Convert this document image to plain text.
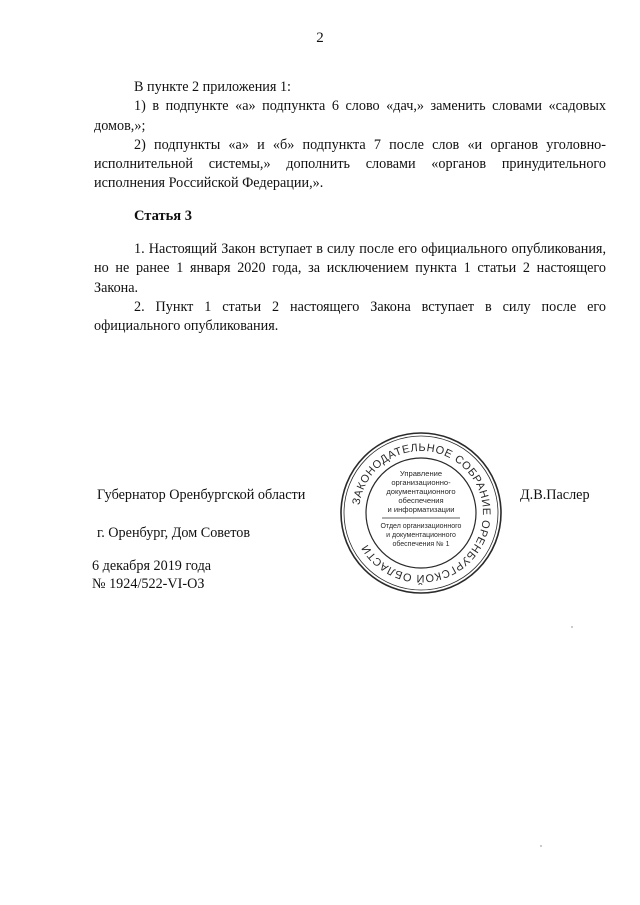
2

В пункте 2 приложения 1:

1) в подпункте «а» подпункта 6 слово «дач,» заменить словами «садовых домов,»;

2) подпункты «а» и «б» подпункта 7 после слов «и органов уголовно-исполнительной системы,» дополнить словами «органов принудительного исполнения Российской Федерации,».

Статья 3

1. Настоящий Закон вступает в силу после его официального опубликования, но не ранее 1 января 2020 года, за исключением пункта 1 статьи 2 настоящего Закона.

2. Пункт 1 статьи 2 настоящего Закона вступает в силу после его официального опубликования.

Губернатор Оренбургской области	Д.В.Паслер
г. Оренбург, Дом Советов
6 декабря 2019 года
№ 1924/522-VI-ОЗ
ЗАКОНОДАТЕЛЬНОЕ СОБРАНИЕ ОРЕНБУРГСКОЙ ОБЛАСТИ
Управление
организационно-
документационного
обеспечения
и информатизации
Отдел организационного
и документационного
обеспечения № 1
